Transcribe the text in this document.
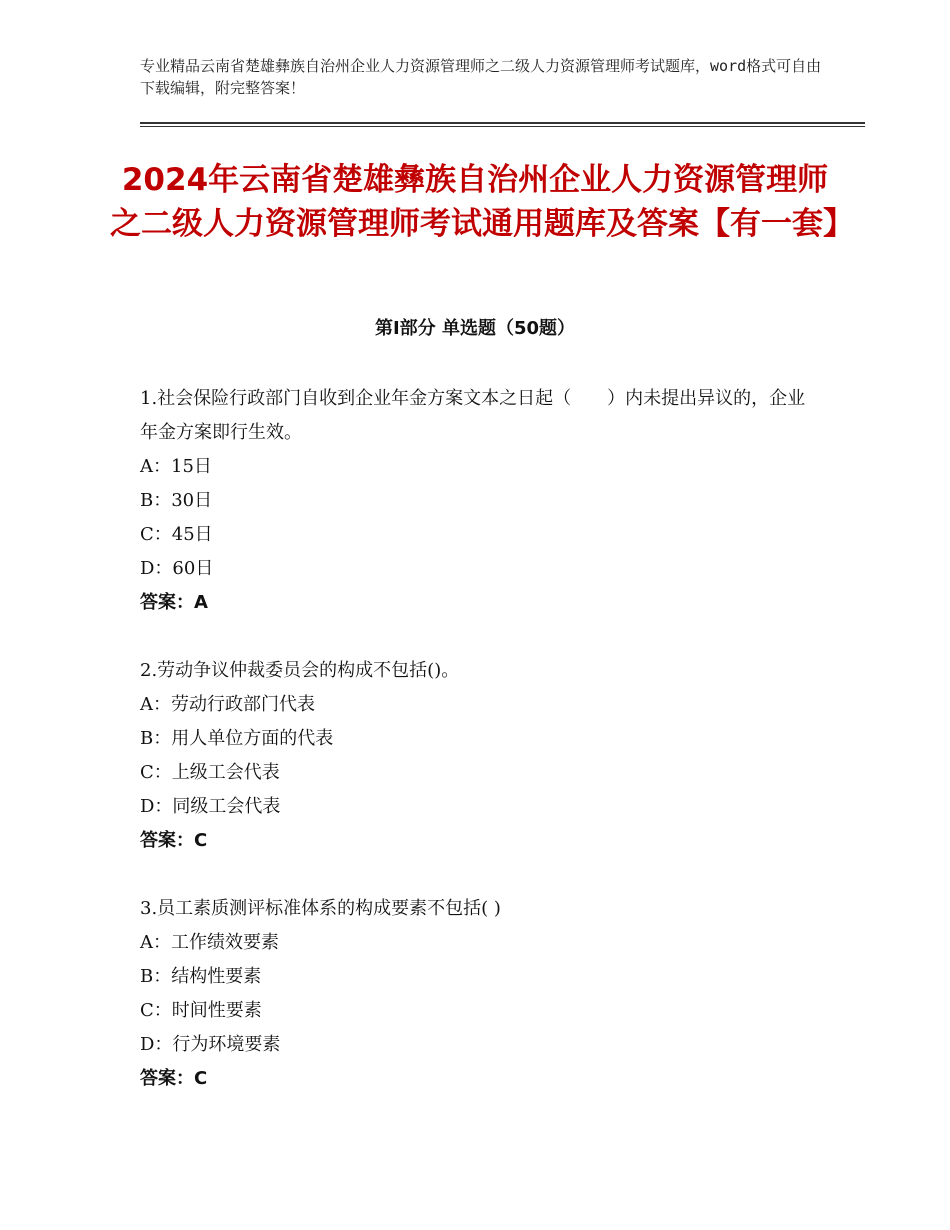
专业精品云南省楚雄彝族自治州企业人力资源管理师之二级人力资源管理师考试题库，word格式可自由下载编辑，附完整答案！
2024年云南省楚雄彝族自治州企业人力资源管理师之二级人力资源管理师考试通用题库及答案【有一套】
第Ⅰ部分 单选题（50题）

1.社会保险行政部门自收到企业年金方案文本之日起（　　）内未提出异议的，企业年金方案即行生效。

A：15日

B：30日

C：45日

D：60日

答案：A

2.劳动争议仲裁委员会的构成不包括()。

A：劳动行政部门代表

B：用人单位方面的代表

C：上级工会代表

D：同级工会代表

答案：C

3.员工素质测评标准体系的构成要素不包括( )

A：工作绩效要素

B：结构性要素

C：时间性要素

D：行为环境要素

答案：C
